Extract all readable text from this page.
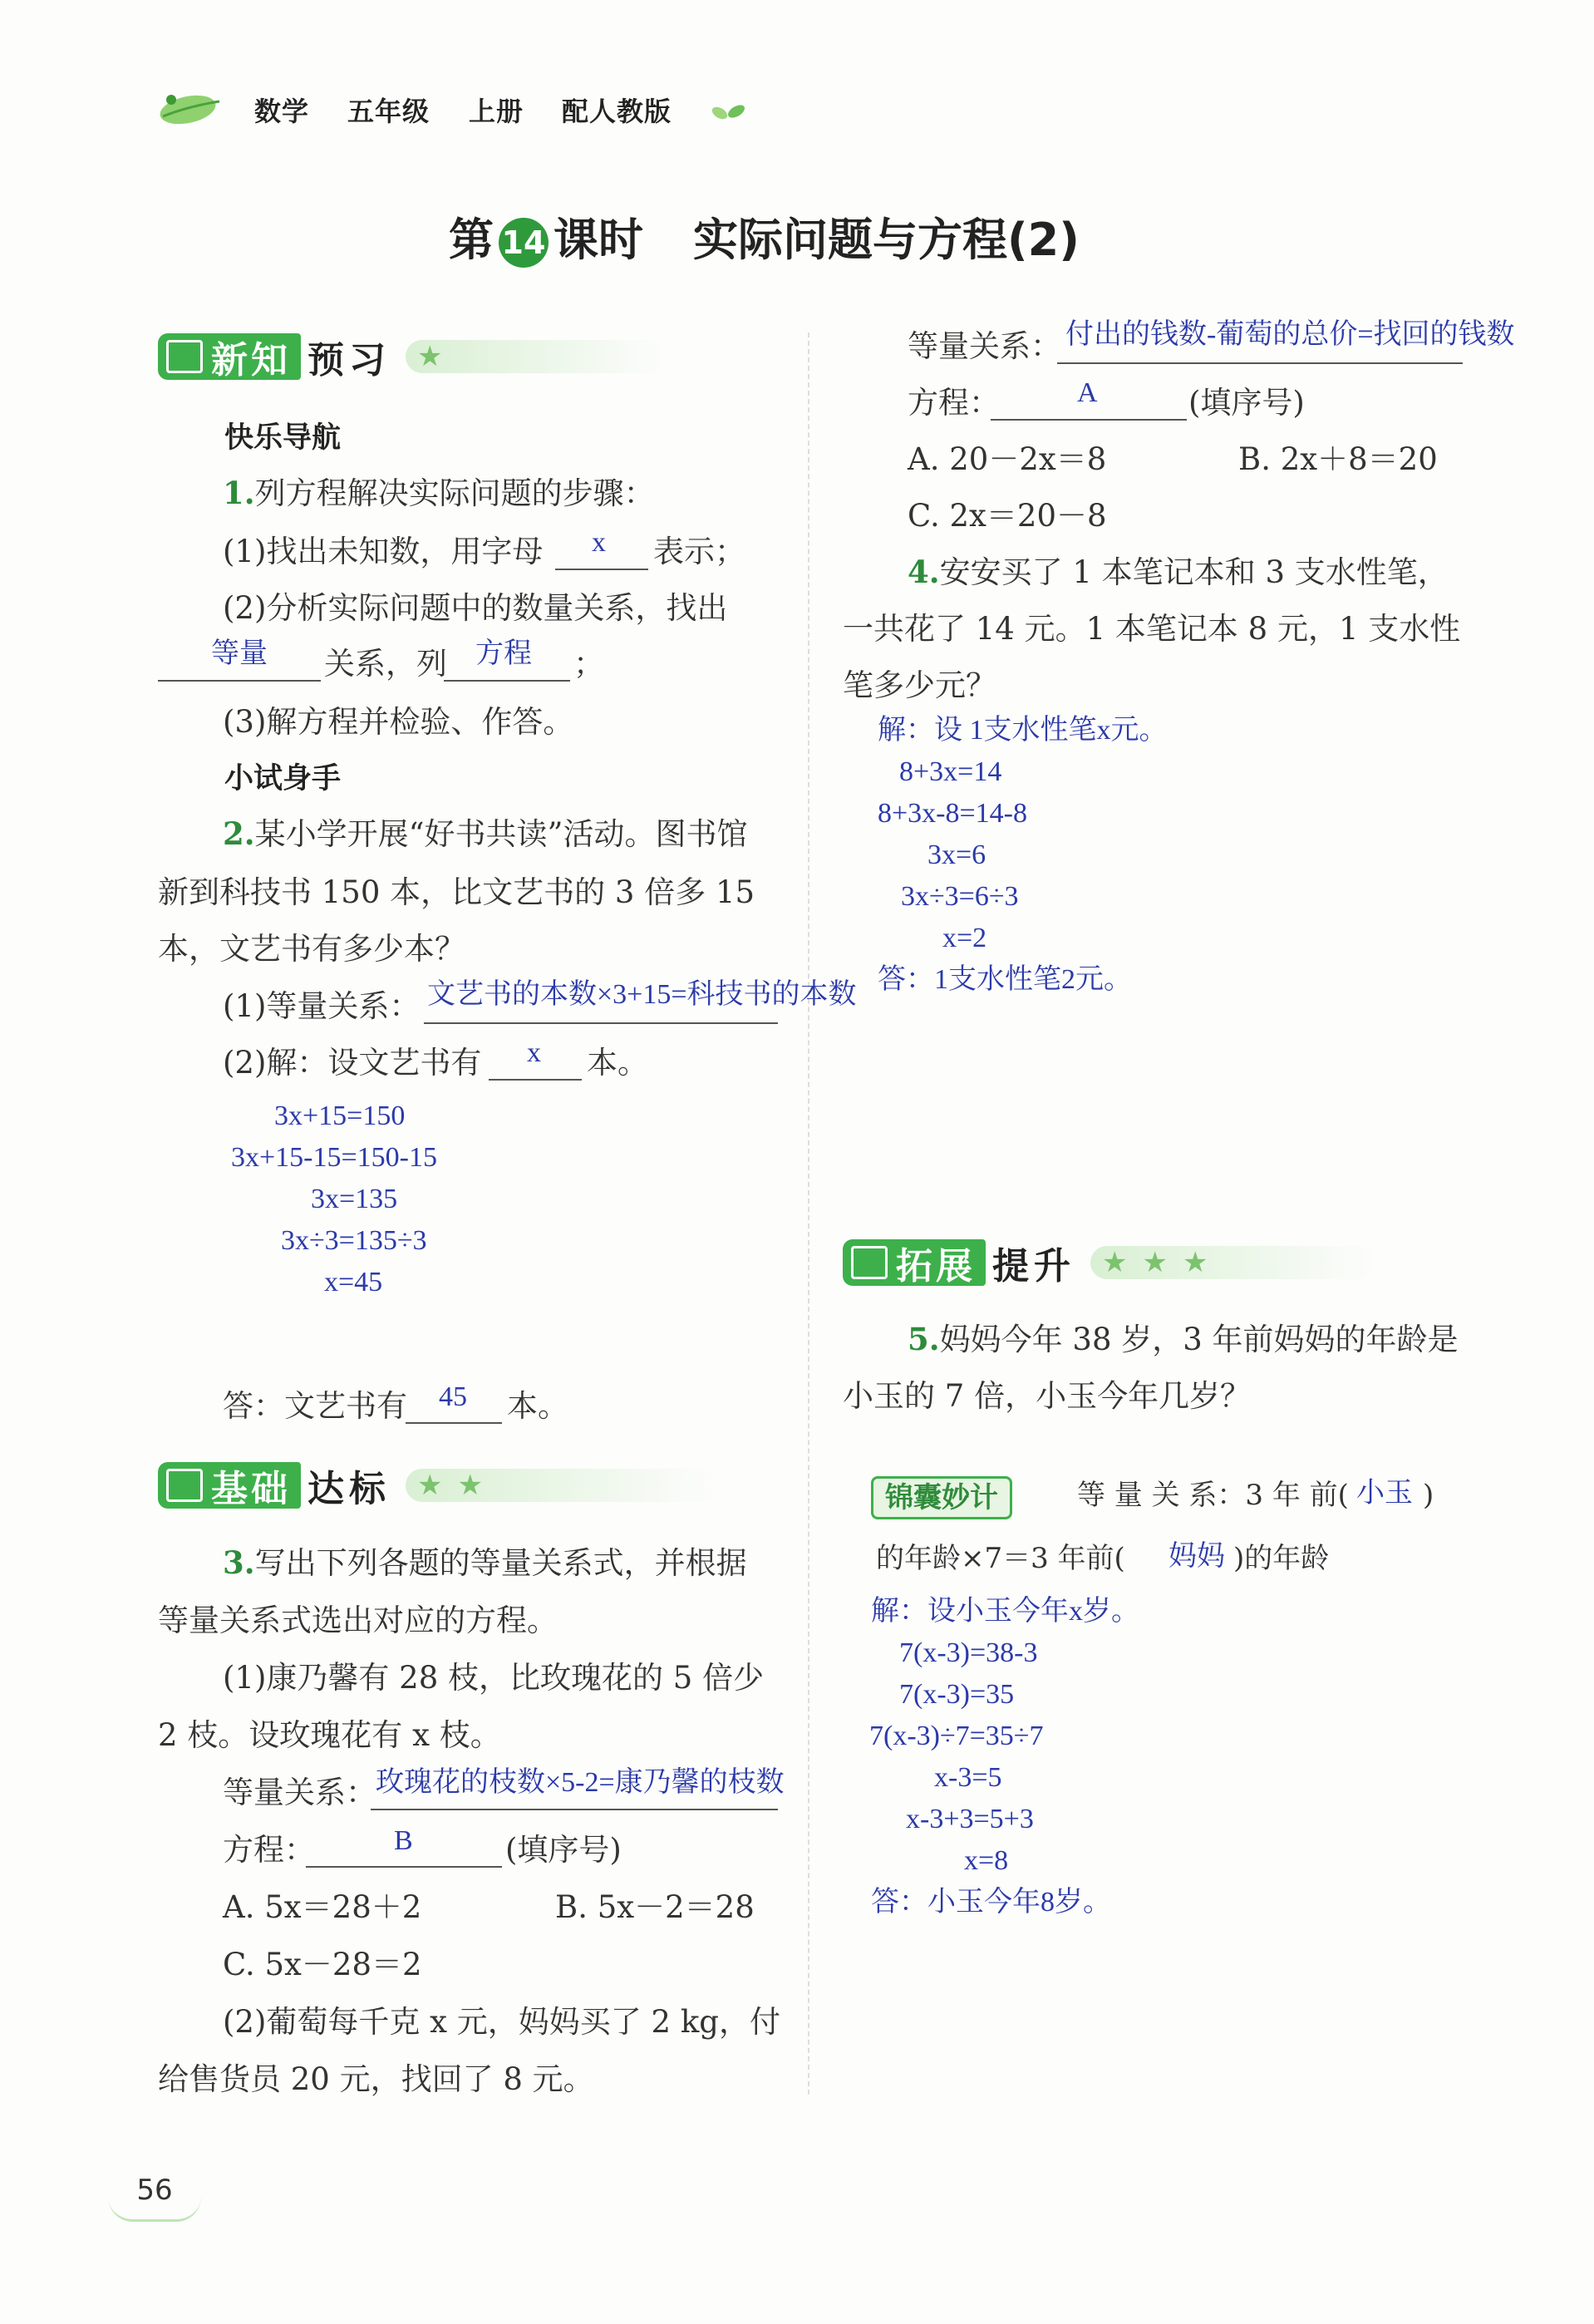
数学 五年级 上册 配人教版
第 14 课时 实际问题与方程(2)
新知 预习 ★
快乐导航
1.列方程解决实际问题的步骤：
(1)找出未知数，用字母 x 表示；
(2)分析实际问题中的数量关系，找出
等量 关系，列 方程 ；
(3)解方程并检验、作答。
小试身手
2.某小学开展“好书共读”活动。图书馆
新到科技书 150 本，比文艺书的 3 倍多 15
本，文艺书有多少本？
(1)等量关系： 文艺书的本数×3+15=科技书的本数
(2)解：设文艺书有 x 本。
3x+15=150
3x+15-15=150-15
3x=135
3x÷3=135÷3
x=45
答：文艺书有 45 本。
基础 达标 ★ ★
3.写出下列各题的等量关系式，并根据
等量关系式选出对应的方程。
(1)康乃馨有 28 枝，比玫瑰花的 5 倍少
2 枝。设玫瑰花有 x 枝。
等量关系： 玫瑰花的枝数×5-2=康乃馨的枝数
方程：	B	(填序号)
A. 5x＝28＋2	B. 5x－2＝28
C. 5x－28＝2
(2)葡萄每千克 x 元，妈妈买了 2 kg，付
给售货员 20 元，找回了 8 元。
等量关系： 付出的钱数-葡萄的总价=找回的钱数
方程：	A	(填序号)
A. 20－2x＝8	B. 2x＋8＝20
C. 2x＝20－8
4.安安买了 1 本笔记本和 3 支水性笔，
一共花了 14 元。1 本笔记本 8 元，1 支水性
笔多少元？
解：设 1支水性笔x元。
8+3x=14
8+3x-8=14-8
3x=6
3x÷3=6÷3
x=2
答：1支水性笔2元。
拓展 提升 ★ ★ ★
5.妈妈今年 38 岁，3 年前妈妈的年龄是
小玉的 7 倍，小玉今年几岁？
锦囊妙计	等 量 关 系：3 年 前( 小玉 )
的年龄×7＝3 年前( 妈妈 )的年龄
解：设小玉今年x岁。
7(x-3)=38-3
7(x-3)=35
7(x-3)÷7=35÷7
x-3=5
x-3+3=5+3
x=8
答：小玉今年8岁。
56
